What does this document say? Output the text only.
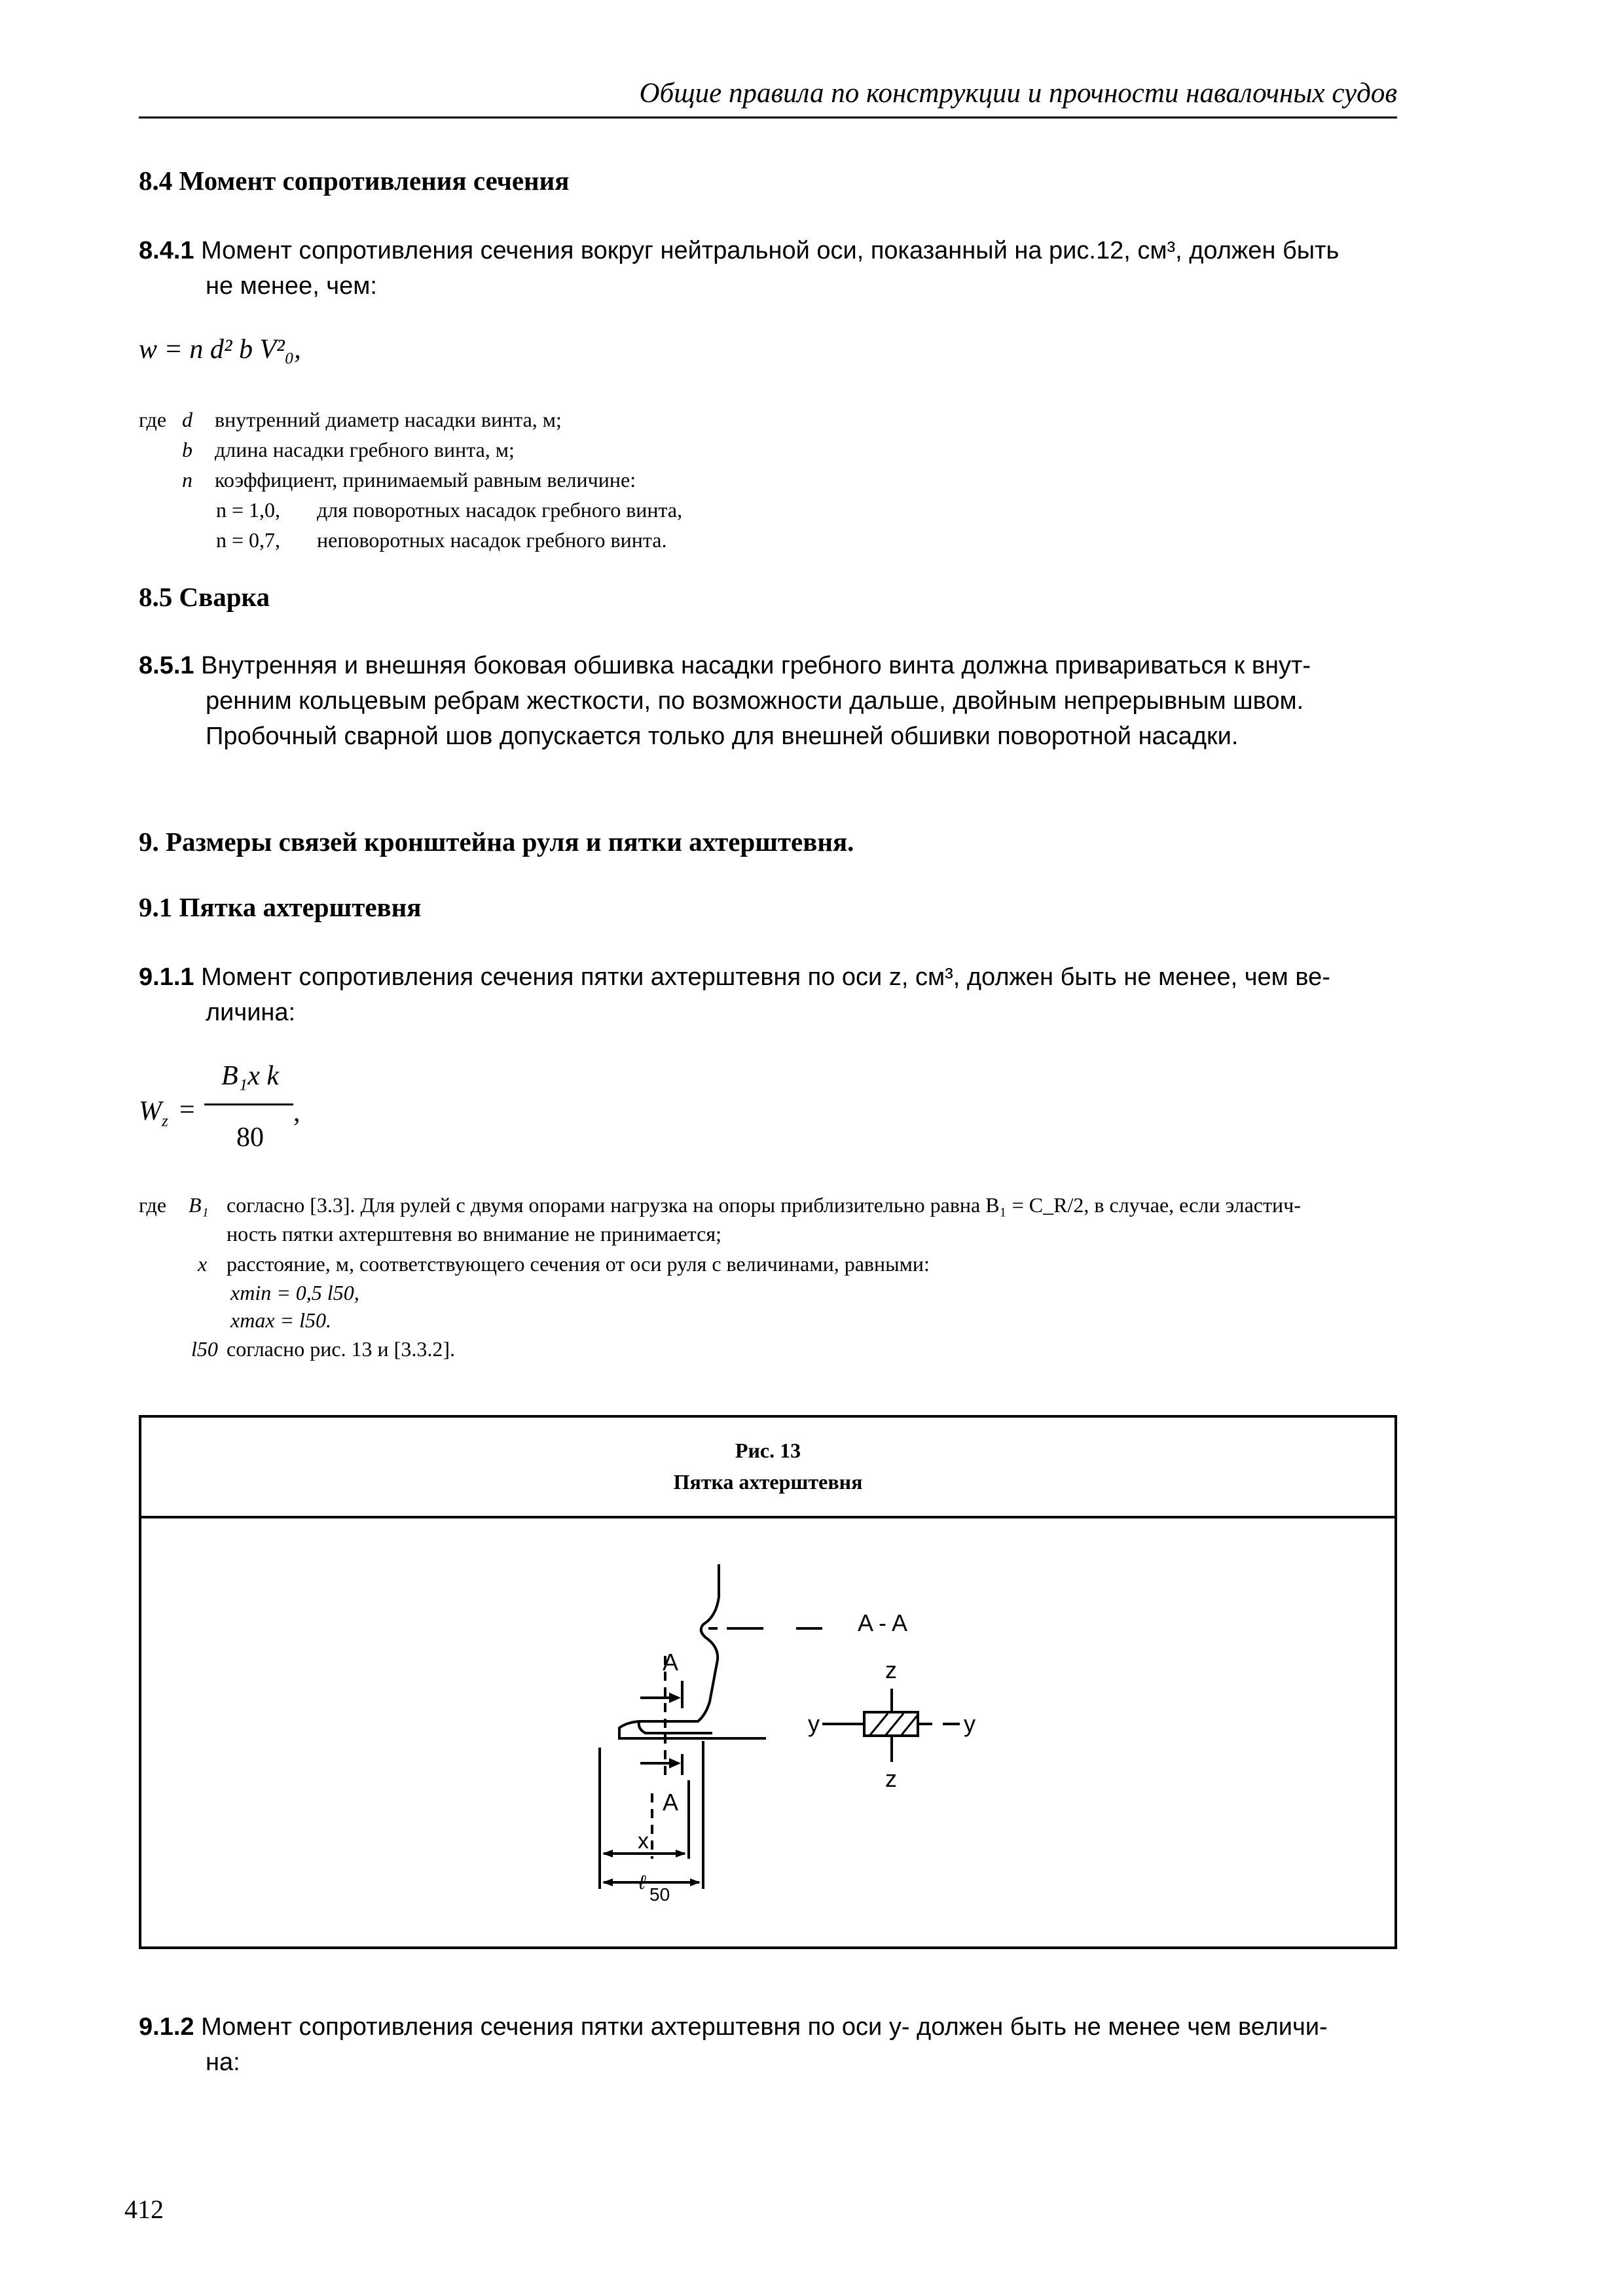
Общие правила по конструкции и прочности навалочных судов
8.4 Момент сопротивления сечения
8.4.1 Момент сопротивления сечения вокруг нейтральной оси, показанный на рис.12, см³, должен быть
не менее, чем:
w = n d² b V²₀,
где d внутренний диаметр насадки винта, м;
b длина насадки гребного винта, м;
n коэффициент, принимаемый равным величине:
n = 1,0, для поворотных насадок гребного винта,
n = 0,7, неповоротных насадок гребного винта.
8.5 Сварка
8.5.1 Внутренняя и внешняя боковая обшивка насадки гребного винта должна привариваться к внут-
ренним кольцевым ребрам жесткости, по возможности дальше, двойным непрерывным швом.
Пробочный сварной шов допускается только для внешней обшивки поворотной насадки.
9. Размеры связей кронштейна руля и пятки ахтерштевня.
9.1 Пятка ахтерштевня
9.1.1 Момент сопротивления сечения пятки ахтерштевня по оси z, см³, должен быть не менее, чем ве-
личина:
$W_z$ =
B₁x k
80
,
где B₁ согласно [3.3]. Для рулей с двумя опорами нагрузка на опоры приблизительно равна B₁ = C_R/2, в случае, если эластич-
ность пятки ахтерштевня во внимание не принимается;
x расстояние, м, соответствующего сечения от оси руля с величинами, равными:
xmin = 0,5 l50,
xmax = l50.
l50 согласно рис. 13 и [3.3.2].
Рис. 13
Пятка ахтерштевня
A
A
A - A
z
z
y	y
x
ℓ
50
9.1.2 Момент сопротивления сечения пятки ахтерштевня по оси y- должен быть не менее чем величи-
на:
412
